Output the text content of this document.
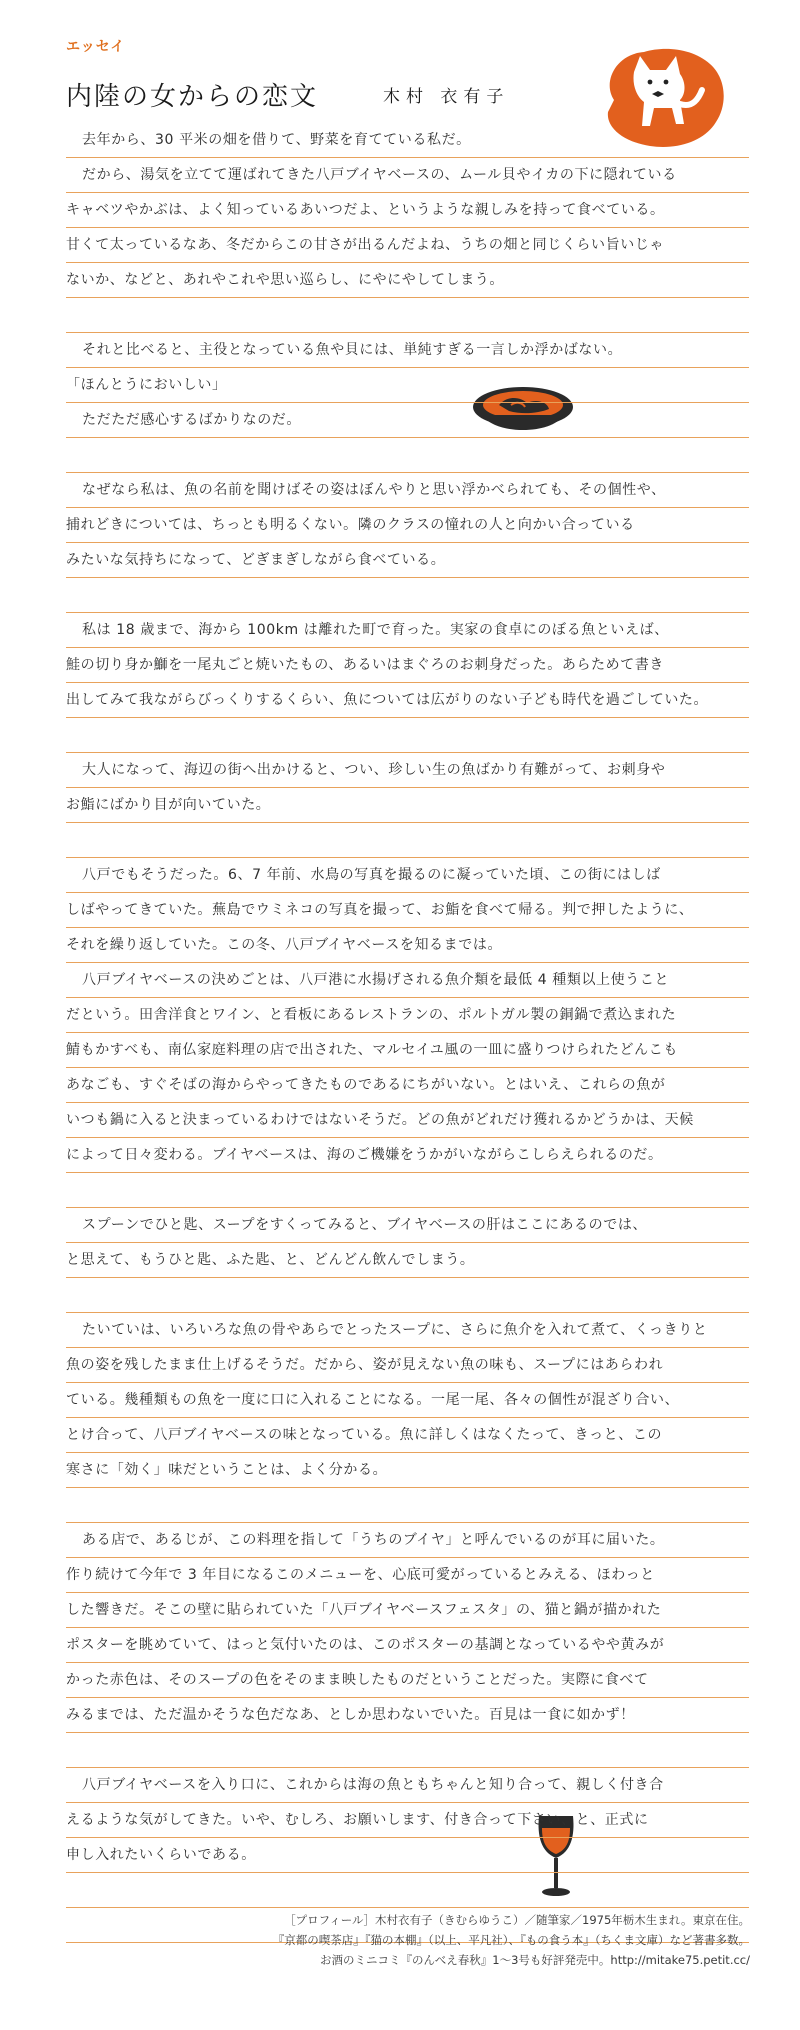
エッセイ
内陸の女からの恋文	木村 衣有子
去年から、30 平米の畑を借りて、野菜を育てている私だ。
だから、湯気を立てて運ばれてきた八戸ブイヤベースの、ムール貝やイカの下に隠れている
キャベツやかぶは、よく知っているあいつだよ、というような親しみを持って食べている。
甘くて太っているなあ、冬だからこの甘さが出るんだよね、うちの畑と同じくらい旨いじゃ
ないか、などと、あれやこれや思い巡らし、にやにやしてしまう。
それと比べると、主役となっている魚や貝には、単純すぎる一言しか浮かばない。
「ほんとうにおいしい」
ただただ感心するばかりなのだ。
なぜなら私は、魚の名前を聞けばその姿はぼんやりと思い浮かべられても、その個性や、
捕れどきについては、ちっとも明るくない。隣のクラスの憧れの人と向かい合っている
みたいな気持ちになって、どぎまぎしながら食べている。
私は 18 歳まで、海から 100km は離れた町で育った。実家の食卓にのぼる魚といえば、
鮭の切り身か鰤を一尾丸ごと焼いたもの、あるいはまぐろのお刺身だった。あらためて書き
出してみて我ながらびっくりするくらい、魚については広がりのない子ども時代を過ごしていた。
大人になって、海辺の街へ出かけると、つい、珍しい生の魚ばかり有難がって、お刺身や
お鮨にばかり目が向いていた。
八戸でもそうだった。6、7 年前、水鳥の写真を撮るのに凝っていた頃、この街にはしば
しばやってきていた。蕪島でウミネコの写真を撮って、お鮨を食べて帰る。判で押したように、
それを繰り返していた。この冬、八戸ブイヤベースを知るまでは。
八戸ブイヤベースの決めごとは、八戸港に水揚げされる魚介類を最低 4 種類以上使うこと
だという。田舎洋食とワイン、と看板にあるレストランの、ポルトガル製の銅鍋で煮込まれた
鯖もかすべも、南仏家庭料理の店で出された、マルセイユ風の一皿に盛りつけられたどんこも
あなごも、すぐそばの海からやってきたものであるにちがいない。とはいえ、これらの魚が
いつも鍋に入ると決まっているわけではないそうだ。どの魚がどれだけ獲れるかどうかは、天候
によって日々変わる。ブイヤベースは、海のご機嫌をうかがいながらこしらえられるのだ。
スプーンでひと匙、スープをすくってみると、ブイヤベースの肝はここにあるのでは、
と思えて、もうひと匙、ふた匙、と、どんどん飲んでしまう。
たいていは、いろいろな魚の骨やあらでとったスープに、さらに魚介を入れて煮て、くっきりと
魚の姿を残したまま仕上げるそうだ。だから、姿が見えない魚の味も、スープにはあらわれ
ている。幾種類もの魚を一度に口に入れることになる。一尾一尾、各々の個性が混ざり合い、
とけ合って、八戸ブイヤベースの味となっている。魚に詳しくはなくたって、きっと、この
寒さに「効く」味だということは、よく分かる。
ある店で、あるじが、この料理を指して「うちのブイヤ」と呼んでいるのが耳に届いた。
作り続けて今年で 3 年目になるこのメニューを、心底可愛がっているとみえる、ほわっと
した響きだ。そこの壁に貼られていた「八戸ブイヤベースフェスタ」の、猫と鍋が描かれた
ポスターを眺めていて、はっと気付いたのは、このポスターの基調となっているやや黄みが
かった赤色は、そのスープの色をそのまま映したものだということだった。実際に食べて
みるまでは、ただ温かそうな色だなあ、としか思わないでいた。百見は一食に如かず！
八戸ブイヤベースを入り口に、これからは海の魚ともちゃんと知り合って、親しく付き合
えるような気がしてきた。いや、むしろ、お願いします、付き合って下さい、と、正式に
申し入れたいくらいである。
［プロフィール］木村衣有子（きむらゆうこ）／随筆家／1975年栃木生まれ。東京在住。
『京都の喫茶店』『猫の本棚』（以上、平凡社）、『もの食う本』（ちくま文庫）など著書多数。
お酒のミニコミ『のんべえ春秋』1〜3号も好評発売中。http://mitake75.petit.cc/
